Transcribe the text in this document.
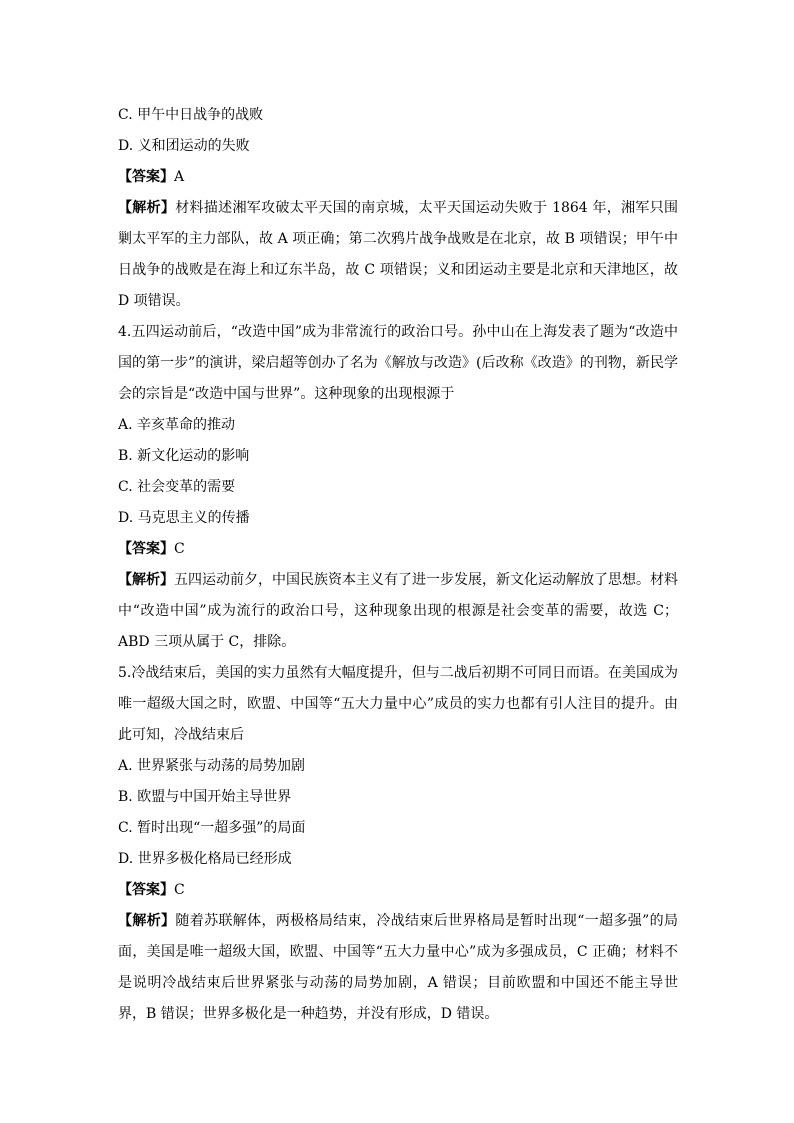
C. 甲午中日战争的战败
D. 义和团运动的失败
【答案】A
【解析】材料描述湘军攻破太平天国的南京城，太平天国运动失败于 1864 年，湘军只围剿太平军的主力部队，故 A 项正确；第二次鸦片战争战败是在北京，故 B 项错误；甲午中日战争的战败是在海上和辽东半岛，故 C 项错误；义和团运动主要是北京和天津地区，故 D 项错误。
4.五四运动前后，“改造中国”成为非常流行的政治口号。孙中山在上海发表了题为“改造中国的第一步”的演讲，梁启超等创办了名为《解放与改造》(后改称《改造》的刊物，新民学会的宗旨是“改造中国与世界”。这种现象的出现根源于
A. 辛亥革命的推动
B. 新文化运动的影响
C. 社会变革的需要
D. 马克思主义的传播
【答案】C
【解析】五四运动前夕，中国民族资本主义有了进一步发展，新文化运动解放了思想。材料中“改造中国”成为流行的政治口号，这种现象出现的根源是社会变革的需要，故选 C；ABD 三项从属于 C，排除。
5.冷战结束后，美国的实力虽然有大幅度提升，但与二战后初期不可同日而语。在美国成为唯一超级大国之时，欧盟、中国等“五大力量中心”成员的实力也都有引人注目的提升。由此可知，冷战结束后
A. 世界紧张与动荡的局势加剧
B. 欧盟与中国开始主导世界
C. 暂时出现“一超多强”的局面
D. 世界多极化格局已经形成
【答案】C
【解析】随着苏联解体，两极格局结束，冷战结束后世界格局是暂时出现“一超多强”的局面，美国是唯一超级大国，欧盟、中国等“五大力量中心”成为多强成员，C 正确；材料不是说明冷战结束后世界紧张与动荡的局势加剧，A 错误；目前欧盟和中国还不能主导世界，B 错误；世界多极化是一种趋势，并没有形成，D 错误。
